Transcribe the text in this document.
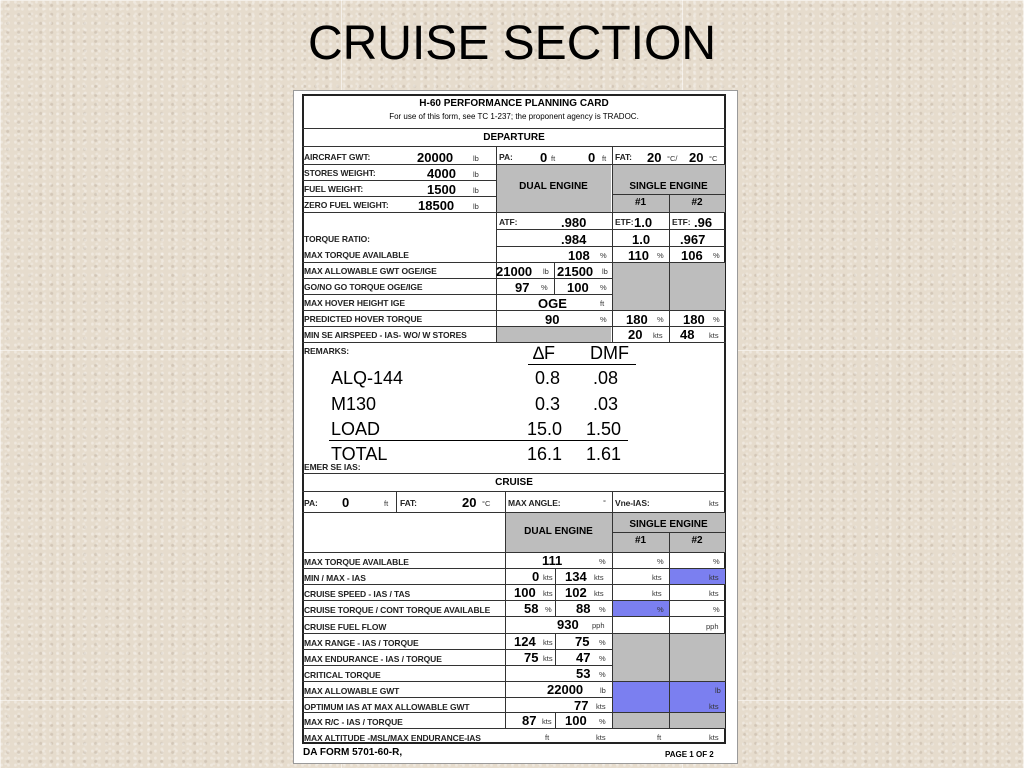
CRUISE SECTION
H-60 PERFORMANCE PLANNING CARD
For use of this form, see TC 1-237; the proponent agency is TRADOC.
DEPARTURE
AIRCRAFT GWT:	20000	lb
STORES WEIGHT:	4000 lb
FUEL WEIGHT:	1500 lb
ZERO FUEL WEIGHT: 18500	lb
PA: 0 ft	0 ft FAT: 20 °C/ 20 °C
DUAL ENGINE	SINGLE ENGINE
#1	#2
ATF:	.980	ETF: 1.0 ETF: .96
TORQUE RATIO:	.984	1.0 .967
MAX TORQUE AVAILABLE	108 % 110 % 106 %
MAX ALLOWABLE GWT OGE/IGE	21000 lb 21500 lb
GO/NO GO TORQUE OGE/IGE	97 % 100 %
MAX HOVER HEIGHT IGE	OGE	ft
PREDICTED HOVER TORQUE	90	% 180 % 180 %
MIN SE AIRSPEED - IAS- WO/ W STORES	20 kts 48 kts
REMARKS:	∆F DMF
ALQ-144	0.8 .08
M130	0.3 .03
LOAD	15.0 1.50
TOTAL	16.1 1.61
EMER SE IAS:
CRUISE
PA: 0	ft FAT:	20 °C MAX ANGLE:	° Vne-IAS:	kts
DUAL ENGINE
SINGLE ENGINE
#1	#2
MAX TORQUE AVAILABLE	111	%	%	%
MIN / MAX - IAS	0 kts 134 kts	kts	kts
CRUISE SPEED - IAS / TAS	100 kts 102 kts	kts	kts
CRUISE TORQUE / CONT TORQUE AVAILABLE	58 % 88 %	%	%
CRUISE FUEL FLOW	930 pph	pph
MAX RANGE - IAS / TORQUE	124 kts 75 %
MAX ENDURANCE - IAS / TORQUE	75 kts 47 %
CRITICAL TORQUE	53 %
MAX ALLOWABLE GWT	22000 lb	lb
OPTIMUM IAS AT MAX ALLOWABLE GWT	77 kts	kts
MAX R/C - IAS / TORQUE	87 kts 100 %
MAX ALTITUDE -MSL/MAX ENDURANCE-IAS	ft	kts	ft	kts
DA FORM 5701-60-R,	PAGE 1 OF 2
